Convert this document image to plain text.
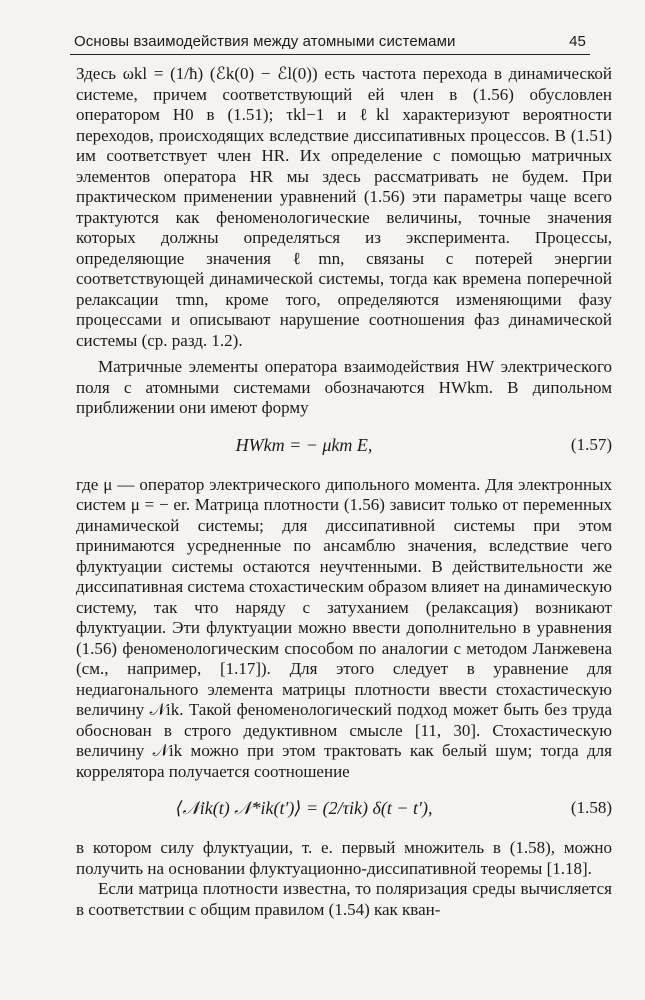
Основы взаимодействия между атомными системами	45

Здесь ωkl = (1/ħ) (ℰk(0) − ℰl(0)) есть частота перехода в динамической системе, причем соответствующий ей член в (1.56) обусловлен оператором H0 в (1.51); τkl−1 и ℓkl характеризуют вероятности переходов, происходящих вследствие диссипативных процессов. В (1.51) им соответствует член HR. Их определение с помощью матричных элементов оператора HR мы здесь рассматривать не будем. При практическом применении уравнений (1.56) эти параметры чаще всего трактуются как феноменологические величины, точные значения которых должны определяться из эксперимента. Процессы, определяющие значения ℓmn, связаны с потерей энергии соответствующей динамической системы, тогда как времена поперечной релаксации τmn, кроме того, определяются изменяющими фазу процессами и описывают нарушение соотношения фаз динамической системы (ср. разд. 1.2).

Матричные элементы оператора взаимодействия HW электрического поля с атомными системами обозначаются HWkm. В дипольном приближении они имеют форму

HWkm = − μkm E,	(1.57)

где μ — оператор электрического дипольного момента. Для электронных систем μ = − er. Матрица плотности (1.56) зависит только от переменных динамической системы; для диссипативной системы при этом принимаются усредненные по ансамблю значения, вследствие чего флуктуации системы остаются неучтенными. В действительности же диссипативная система стохастическим образом влияет на динамическую систему, так что наряду с затуханием (релаксация) возникают флуктуации. Эти флуктуации можно ввести дополнительно в уравнения (1.56) феноменологическим способом по аналогии с методом Ланжевена (см., например, [1.17]). Для этого следует в уравнение для недиагонального элемента матрицы плотности ввести стохастическую величину 𝒩ik. Такой феноменологический подход может быть без труда обоснован в строго дедуктивном смысле [11, 30]. Стохастическую величину 𝒩ik можно при этом трактовать как белый шум; тогда для коррелятора получается соотношение

⟨𝒩ik(t) 𝒩*ik(t′)⟩ = (2/τik) δ(t − t′),	(1.58)

в котором силу флуктуации, т. е. первый множитель в (1.58), можно получить на основании флуктуационно-диссипативной теоремы [1.18].

Если матрица плотности известна, то поляризация среды вычисляется в соответствии с общим правилом (1.54) как кван-
